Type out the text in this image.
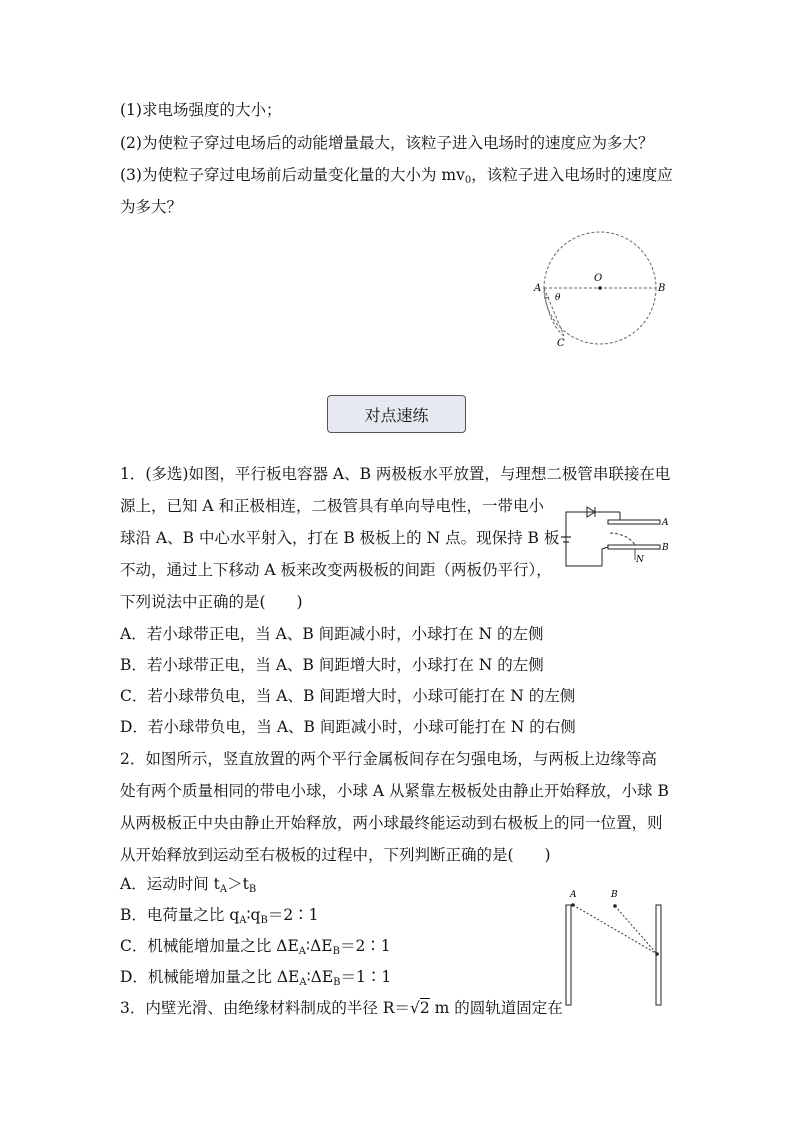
(1)求电场强度的大小；
(2)为使粒子穿过电场后的动能增量最大，该粒子进入电场时的速度应为多大？
(3)为使粒子穿过电场前后动量变化量的大小为 $mv_0$，该粒子进入电场时的速度应
为多大？
O
A	B
θ
C
对点速练
1．(多选)如图，平行板电容器 A、B 两极板水平放置，与理想二极管串联接在电
源上，已知 A 和正极相连，二极管具有单向导电性，一带电小
球沿 A、B 中心水平射入，打在 B 极板上的 N 点。现保持 B 板
不动，通过上下移动 A 板来改变两极板的间距（两板仍平行），
下列说法中正确的是(　　)
A
B
N
A．若小球带正电，当 A、B 间距减小时，小球打在 N 的左侧
B．若小球带正电，当 A、B 间距增大时，小球打在 N 的左侧
C．若小球带负电，当 A、B 间距增大时，小球可能打在 N 的左侧
D．若小球带负电，当 A、B 间距减小时，小球可能打在 N 的右侧
2．如图所示，竖直放置的两个平行金属板间存在匀强电场，与两板上边缘等高
处有两个质量相同的带电小球，小球 A 从紧靠左极板处由静止开始释放，小球 B
从两极板正中央由静止开始释放，两小球最终能运动到右极板上的同一位置，则
从开始释放到运动至右极板的过程中，下列判断正确的是(　　)
A．运动时间 $t_A>t_B$
B．电荷量之比 $q_A∶q_B=2∶1$
C．机械能增加量之比 $\Delta E_A∶\Delta E_B=2∶1$
D．机械能增加量之比 $\Delta E_A∶\Delta E_B=1∶1$
A	B
3．内壁光滑、由绝缘材料制成的半径 R＝√2 m 的圆轨道固定在
